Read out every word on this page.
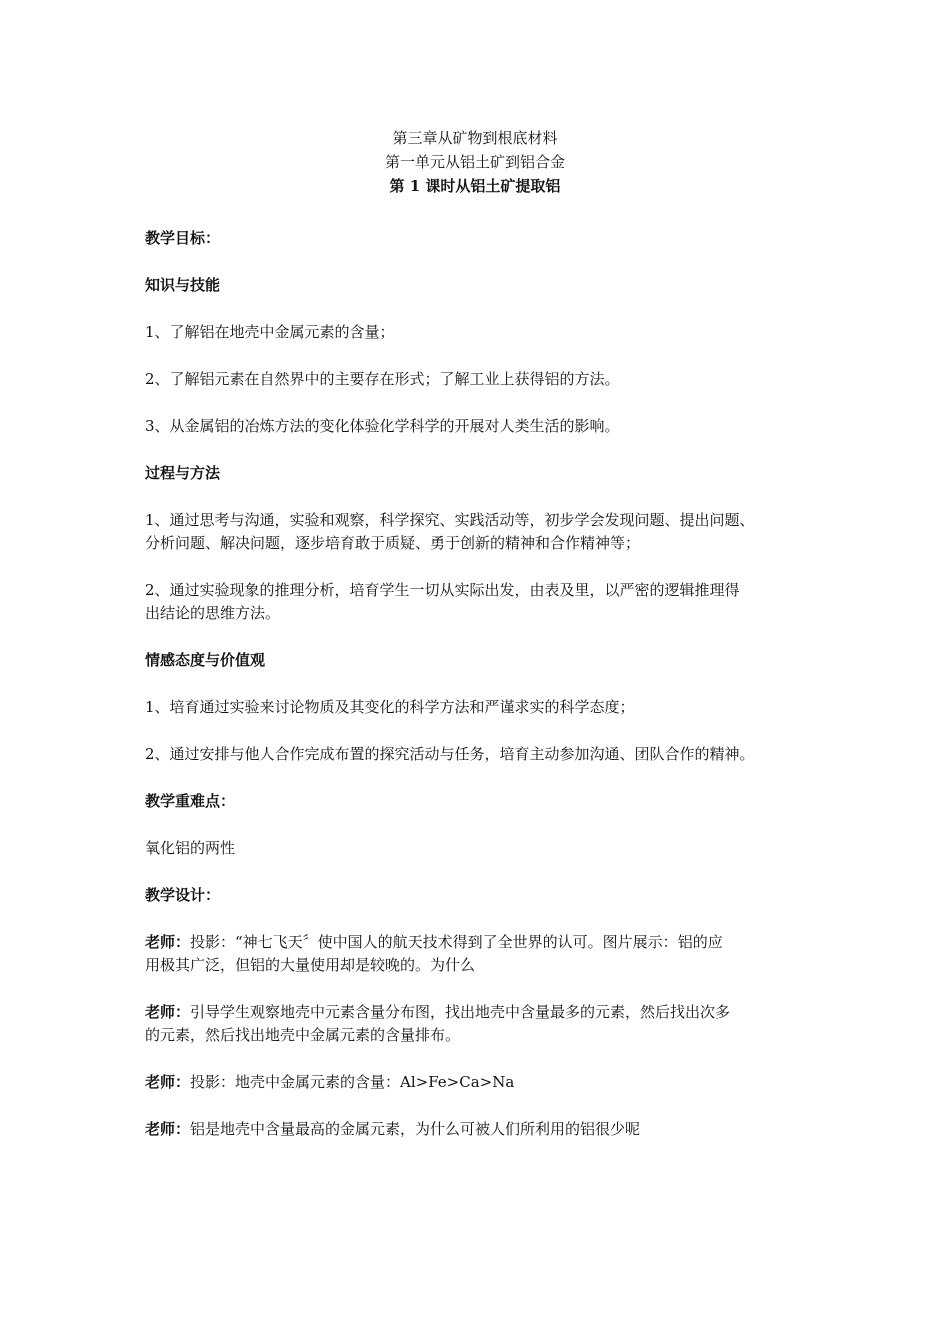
第三章从矿物到根底材料
第一单元从铝土矿到铝合金
第 1 课时从铝土矿提取铝
教学目标：
知识与技能
1、了解铝在地壳中金属元素的含量；
2、了解铝元素在自然界中的主要存在形式；了解工业上获得铝的方法。
3、从金属铝的冶炼方法的变化体验化学科学的开展对人类生活的影响。
过程与方法
1、通过思考与沟通，实验和观察，科学探究、实践活动等，初步学会发现问题、提出问题、
分析问题、解决问题，逐步培育敢于质疑、勇于创新的精神和合作精神等；
2、通过实验现象的推理分析，培育学生一切从实际出发，由表及里，以严密的逻辑推理得
出结论的思维方法。
情感态度与价值观
1、培育通过实验来讨论物质及其变化的科学方法和严谨求实的科学态度；
2、通过安排与他人合作完成布置的探究活动与任务，培育主动参加沟通、团队合作的精神。
教学重难点：
氧化铝的两性
教学设计：
老师：投影：“神七飞天〞使中国人的航天技术得到了全世界的认可。图片展示：铝的应
用极其广泛，但铝的大量使用却是较晚的。为什么
老师：引导学生观察地壳中元素含量分布图，找出地壳中含量最多的元素，然后找出次多
的元素，然后找出地壳中金属元素的含量排布。
老师：投影：地壳中金属元素的含量：Al>Fe>Ca>Na
老师：铝是地壳中含量最高的金属元素，为什么可被人们所利用的铝很少呢
